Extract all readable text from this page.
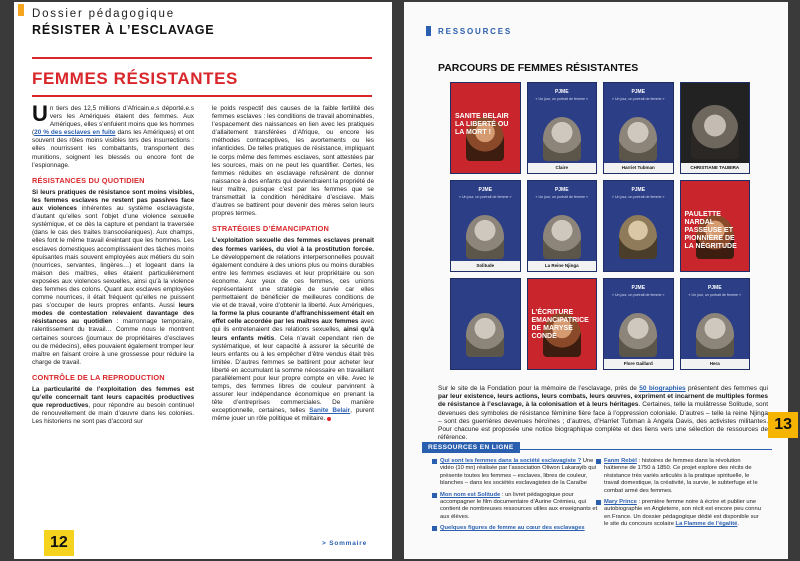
Dossier pédagogique
RÉSISTER À L’ESCLAVAGE
FEMMES RÉSISTANTES

Un tiers des 12,5 millions d’Africain.e.s déporté.e.s vers les Amériques étaient des femmes. Aux Amériques, elles s’enfuient moins que les hommes (20 % des esclaves en fuite dans les Amériques) et ont souvent des rôles moins visibles lors des insurrections : elles nourrissent les combattants, transportent des munitions, soignent les blessés ou encore font de l’espionnage.

RÉSISTANCES DU QUOTIDIEN

Si leurs pratiques de résistance sont moins visibles, les femmes esclaves ne restent pas passives face aux violences inhérentes au système esclavagiste, d’autant qu’elles sont l’objet d’une violence sexuelle systémique, et ce dès la capture et pendant la traversée (dans le cas des traites transocéaniques). Aux champs, elles font le même travail éreintant que les hommes. Les esclaves domestiques accomplissaient des tâches moins épuisantes mais souvent employées aux métiers du soin (nourrices, servantes, lingères…) et logeant dans la maison des maîtres, elles étaient particulièrement exposées aux violences sexuelles, ainsi qu’à la violence des femmes des colons. Quant aux esclaves employées comme nourrices, il était fréquent qu’elles ne puissent pas s’occuper de leurs propres enfants. Aussi leurs modes de contestation relevaient davantage des résistances au quotidien : marronnage temporaire, ralentissement du travail… Comme nous le montrent certaines sources (journaux de propriétaires d’esclaves ou de médecins), elles pouvaient également tromper leur maître en faisant croire à une grossesse pour réduire la charge de travail.

CONTRÔLE DE LA REPRODUCTION

La particularité de l’exploitation des femmes est qu’elle concernait tant leurs capacités productives que reproductives, pour répondre au besoin continuel de renouvellement de main d’œuvre dans les colonies. Les historiens ne sont pas d’accord sur

le poids respectif des causes de la faible fertilité des femmes esclaves : les conditions de travail abominables, l’espacement des naissances en lien avec les pratiques d’allaitement transférées d’Afrique, ou encore les méthodes contraceptives, les avortements ou les infanticides. De telles pratiques de résistance, impliquant le corps même des femmes esclaves, sont attestées par les sources, mais on ne peut les quantifier. Certes, les femmes réduites en esclavage refusèrent de donner naissance à des enfants qui deviendraient la propriété de leur maître, puisque c’est par les femmes que se transmettait la condition héréditaire d’esclave. Mais d’autres se battirent pour devenir des mères selon leurs propres termes.

STRATÉGIES D’ÉMANCIPATION

L’exploitation sexuelle des femmes esclaves prenait des formes variées, du viol à la prostitution forcée. Le développement de relations interpersonnelles pouvait également conduire à des unions plus ou moins durables entre les femmes esclaves et leur propriétaire ou son économe. Aux yeux de ces femmes, ces unions représentaient une stratégie de survie car elles permettaient de bénéficier de meilleures conditions de vie et de travail, voire d’obtenir la liberté. Aux Amériques, la forme la plus courante d’affranchissement était en effet celle accordée par les maîtres aux femmes avec qui ils entretenaient des relations sexuelles, ainsi qu’à leurs enfants métis. Cela n’avait cependant rien de systématique, et leur capacité à assurer la sécurité de leurs enfants ou à les empêcher d’être vendus était très limitée. D’autres femmes se battirent pour acheter leur liberté en accumulant la somme nécessaire en travaillant parallèlement pour leur propre compte en ville. Avec le temps, des femmes libres de couleur parvinrent à assurer leur indépendance économique en prenant la tête d’entreprises commerciales. De manière exceptionnelle, certaines, telles Sanite Belair, purent même jouer un rôle politique et militaire.

12	> Sommaire
RESSOURCES
PARCOURS DE FEMMES RÉSISTANTES
SANITE BELAIR LA LIBERTÉ OU LA MORT !
PJME
« Un jour, un portrait de femme »
Claire
PJME
« Un jour, un portrait de femme »
Harriet Tubman	CHRISTIANE TAUBIRA
PJME
« Un jour, un portrait de femme »
Solitude
PJME
« Un jour, un portrait de femme »
La Reine Njinga
PJME
« Un jour, un portrait de femme »
PAULETTE NARDAL PASSEUSE ET PIONNIÈRE DE LA NÉGRITUDE
L’ÉCRITURE EMANCIPATRICE DE MARYSE CONDÉ
PJME
« Un jour, un portrait de femme »
Flore Gaillard
PJME
« Un jour, un portrait de femme »
Hera

Sur le site de la Fondation pour la mémoire de l’esclavage, près de 50 biographies présentent des femmes qui par leur existence, leurs actions, leurs combats, leurs œuvres, expriment et incarnent de multiples formes de résistance à l’esclavage, à la colonisation et à leurs héritages. Certaines, telle la mulâtresse Solitude, sont devenues des symboles de résistance féminine fière face à l’oppression coloniale. D’autres – telle la reine Njinga – sont des guerrières devenues héroïnes ; d’autres, d’Harriet Tubman à Angela Davis, des activistes militantes. Pour chacune est proposée une notice biographique complète et des liens vers une sélection de ressources de référence.

RESSOURCES EN LIGNE
Qui sont les femmes dans la société esclavagiste ? Une vidéo (10 mn) réalisée par l’association Oliwon Lakarayib qui présente toutes les femmes – esclaves, libres de couleur, blanches – dans les sociétés esclavagistes de la Caraïbe
Mon nom est Solitude : un livret pédagogique pour accompagner le film documentaire d’Aurine Crémieu, qui contient de nombreuses ressources utiles aux enseignants et aux élèves.
Quelques figures de femme au cœur des esclavages
Fanm Rebèl : histoires de femmes dans la révolution haïtienne de 1750 à 1850. Ce projet explore des récits de résistance très variés articulés à la pratique spirituelle, le travail domestique, la créativité, la survie, le subterfuge et le combat armé des femmes.
Mary Prince : première femme noire à écrire et publier une autobiographie en Angleterre, son récit est encore peu connu en France. Un dossier pédagogique dédié est disponible sur le site du concours scolaire La Flamme de l’égalité.
13
